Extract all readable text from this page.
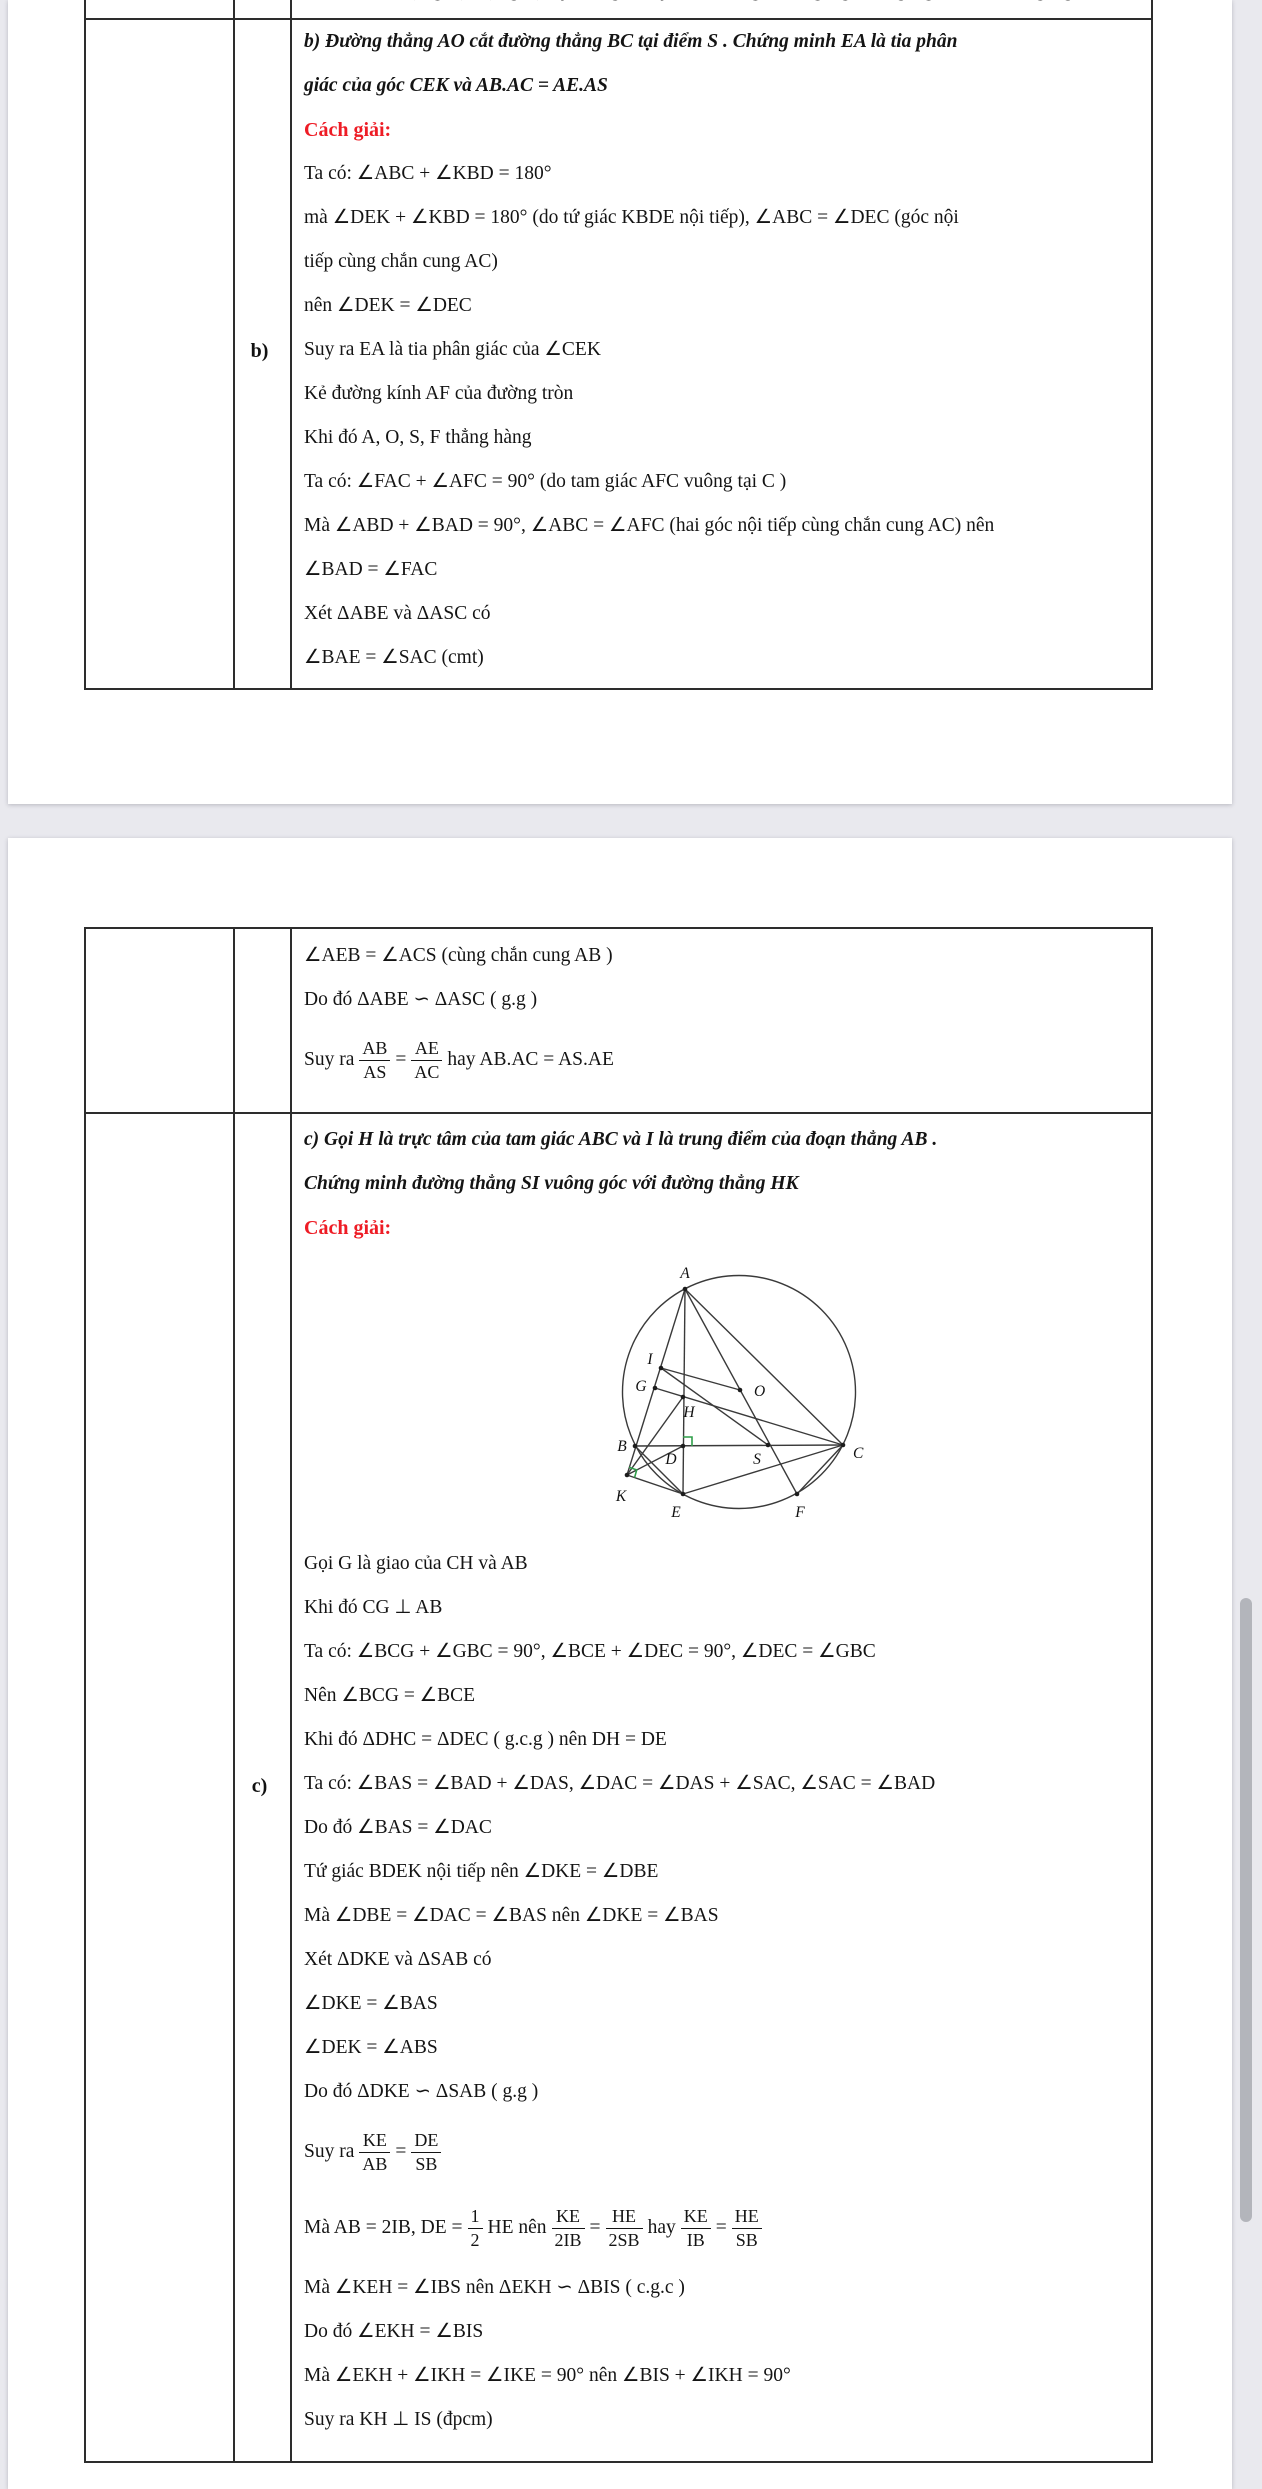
b)
b) Đường thẳng AO cắt đường thẳng BC tại điểm S . Chứng minh EA là tia phân
giác của góc CEK và AB.AC = AE.AS
Cách giải:
Ta có: ∠ABC + ∠KBD = 180°
mà ∠DEK + ∠KBD = 180° (do tứ giác KBDE nội tiếp), ∠ABC = ∠DEC (góc nội
tiếp cùng chắn cung AC)
nên ∠DEK = ∠DEC
Suy ra EA là tia phân giác của ∠CEK
Kẻ đường kính AF của đường tròn
Khi đó A, O, S, F thẳng hàng
Ta có: ∠FAC + ∠AFC = 90° (do tam giác AFC vuông tại C )
Mà ∠ABD + ∠BAD = 90°, ∠ABC = ∠AFC (hai góc nội tiếp cùng chắn cung AC) nên
∠BAD = ∠FAC
Xét ΔABE và ΔASC có
∠BAE = ∠SAC (cmt)
∠AEB = ∠ACS (cùng chắn cung AB )
Do đó ΔABE ∽ ΔASC ( g.g )
Suy ra $\frac{AB}{AS} = \frac{AE}{AC}$ hay AB.AC = AS.AE
c)
c) Gọi H là trực tâm của tam giác ABC và I là trung điểm của đoạn thẳng AB .
Chứng minh đường thẳng SI vuông góc với đường thẳng HK
Cách giải:
A
I
G
H
O
B
D	S	C
K
E	F
Gọi G là giao của CH và AB
Khi đó CG ⊥ AB
Ta có: ∠BCG + ∠GBC = 90°, ∠BCE + ∠DEC = 90°, ∠DEC = ∠GBC
Nên ∠BCG = ∠BCE
Khi đó ΔDHC = ΔDEC ( g.c.g ) nên DH = DE
Ta có: ∠BAS = ∠BAD + ∠DAS, ∠DAC = ∠DAS + ∠SAC, ∠SAC = ∠BAD
Do đó ∠BAS = ∠DAC
Tứ giác BDEK nội tiếp nên ∠DKE = ∠DBE
Mà ∠DBE = ∠DAC = ∠BAS nên ∠DKE = ∠BAS
Xét ΔDKE và ΔSAB có
∠DKE = ∠BAS
∠DEK = ∠ABS
Do đó ΔDKE ∽ ΔSAB ( g.g )
Suy ra $\frac{KE}{AB} = \frac{DE}{SB}$
Mà AB = 2IB, DE = $\frac{1}{2}$ HE nên $\frac{KE}{2IB} = \frac{HE}{2SB}$ hay $\frac{KE}{IB} = \frac{HE}{SB}$
Mà ∠KEH = ∠IBS nên ΔEKH ∽ ΔBIS ( c.g.c )
Do đó ∠EKH = ∠BIS
Mà ∠EKH + ∠IKH = ∠IKE = 90° nên ∠BIS + ∠IKH = 90°
Suy ra KH ⊥ IS (đpcm)
